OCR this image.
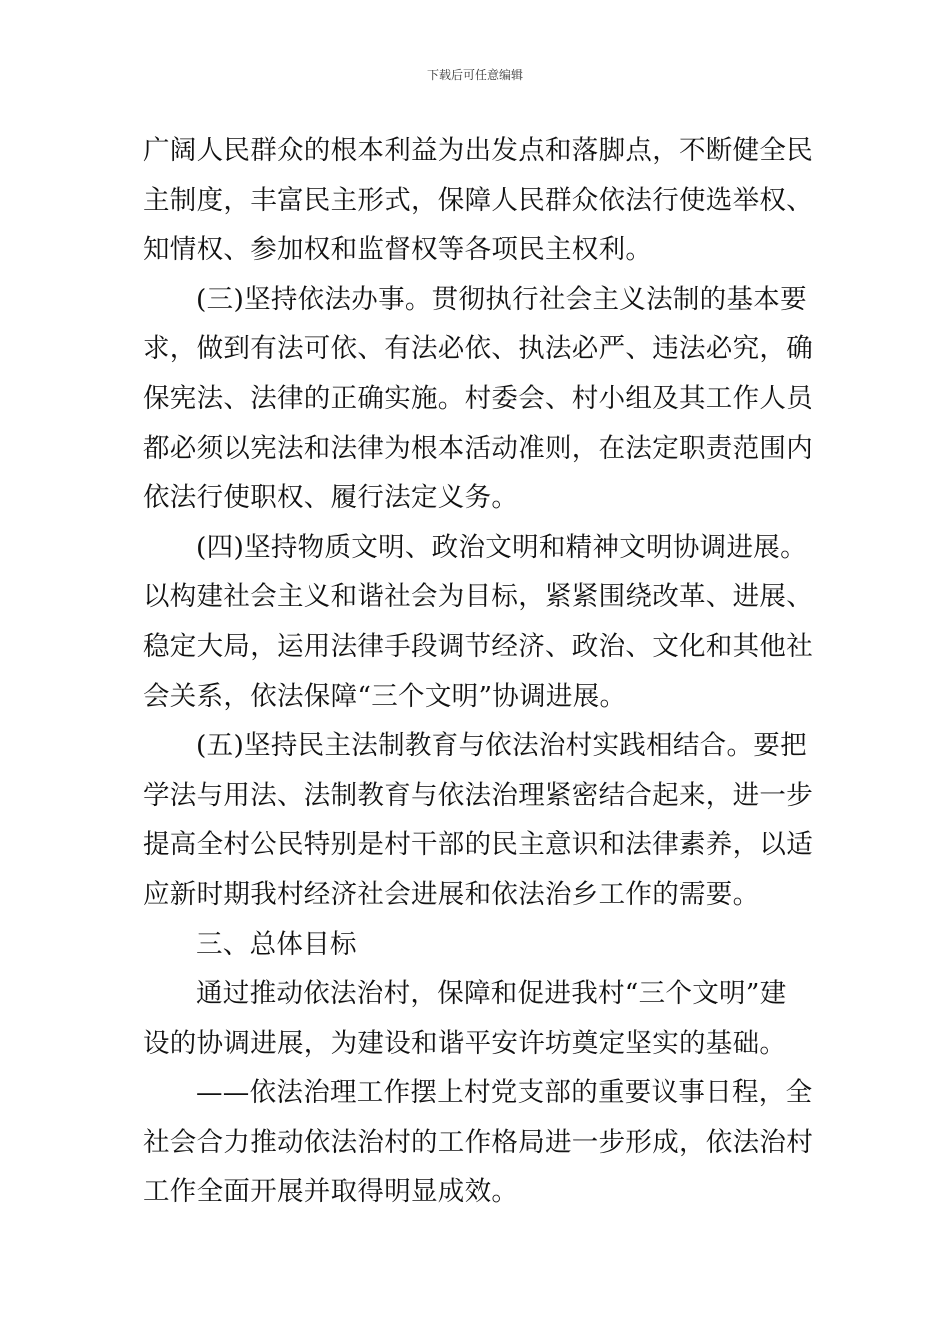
下载后可任意编辑
广阔人民群众的根本利益为出发点和落脚点，不断健全民
主制度，丰富民主形式，保障人民群众依法行使选举权、
知情权、参加权和监督权等各项民主权利。
(三)坚持依法办事。贯彻执行社会主义法制的基本要
求，做到有法可依、有法必依、执法必严、违法必究，确
保宪法、法律的正确实施。村委会、村小组及其工作人员
都必须以宪法和法律为根本活动准则，在法定职责范围内
依法行使职权、履行法定义务。
(四)坚持物质文明、政治文明和精神文明协调进展。
以构建社会主义和谐社会为目标，紧紧围绕改革、进展、
稳定大局，运用法律手段调节经济、政治、文化和其他社
会关系，依法保障“三个文明”协调进展。
(五)坚持民主法制教育与依法治村实践相结合。要把
学法与用法、法制教育与依法治理紧密结合起来，进一步
提高全村公民特别是村干部的民主意识和法律素养，以适
应新时期我村经济社会进展和依法治乡工作的需要。
三、总体目标
通过推动依法治村，保障和促进我村“三个文明”建
设的协调进展，为建设和谐平安许坊奠定坚实的基础。
——依法治理工作摆上村党支部的重要议事日程，全
社会合力推动依法治村的工作格局进一步形成，依法治村
工作全面开展并取得明显成效。
